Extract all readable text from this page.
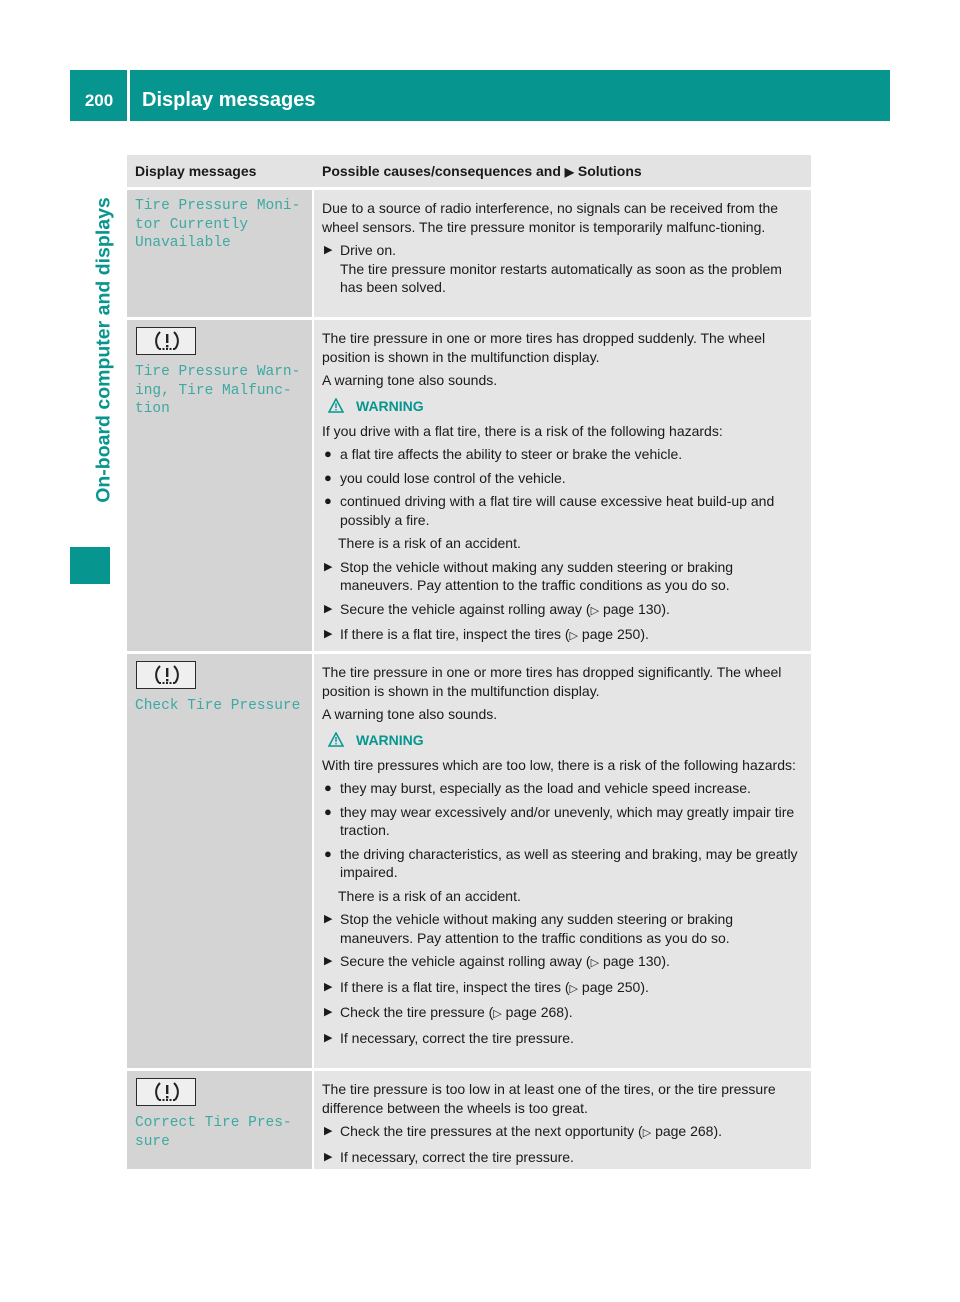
200	Display messages
On-board computer and displays
Display messages	Possible causes/consequences and ▶ Solutions

Tire Pressure Moni‐
tor Currently
Unavailable

Due to a source of radio interference, no signals can be received from the wheel sensors. The tire pressure monitor is temporarily malfunc‐tioning.

▶ Drive on.

The tire pressure monitor restarts automatically as soon as the problem has been solved.

Tire Pressure Warn‐
ing, Tire Malfunc‐
tion

The tire pressure in one or more tires has dropped suddenly. The wheel position is shown in the multifunction display.

A warning tone also sounds.

WARNING

If you drive with a flat tire, there is a risk of the following hazards:

● a flat tire affects the ability to steer or brake the vehicle.

● you could lose control of the vehicle.

● continued driving with a flat tire will cause excessive heat build-up and possibly a fire.

There is a risk of an accident.

▶ Stop the vehicle without making any sudden steering or braking maneuvers. Pay attention to the traffic conditions as you do so.

▶ Secure the vehicle against rolling away (▷ page 130).

▶ If there is a flat tire, inspect the tires (▷ page 250).

Check Tire Pressure

The tire pressure in one or more tires has dropped significantly. The wheel position is shown in the multifunction display.

A warning tone also sounds.

WARNING

With tire pressures which are too low, there is a risk of the following hazards:

● they may burst, especially as the load and vehicle speed increase.

● they may wear excessively and/or unevenly, which may greatly impair tire traction.

● the driving characteristics, as well as steering and braking, may be greatly impaired.

There is a risk of an accident.

▶ Stop the vehicle without making any sudden steering or braking maneuvers. Pay attention to the traffic conditions as you do so.

▶ Secure the vehicle against rolling away (▷ page 130).

▶ If there is a flat tire, inspect the tires (▷ page 250).

▶ Check the tire pressure (▷ page 268).

▶ If necessary, correct the tire pressure.

Correct Tire Pres‐
sure

The tire pressure is too low in at least one of the tires, or the tire pressure difference between the wheels is too great.

▶ Check the tire pressures at the next opportunity (▷ page 268).

▶ If necessary, correct the tire pressure.
